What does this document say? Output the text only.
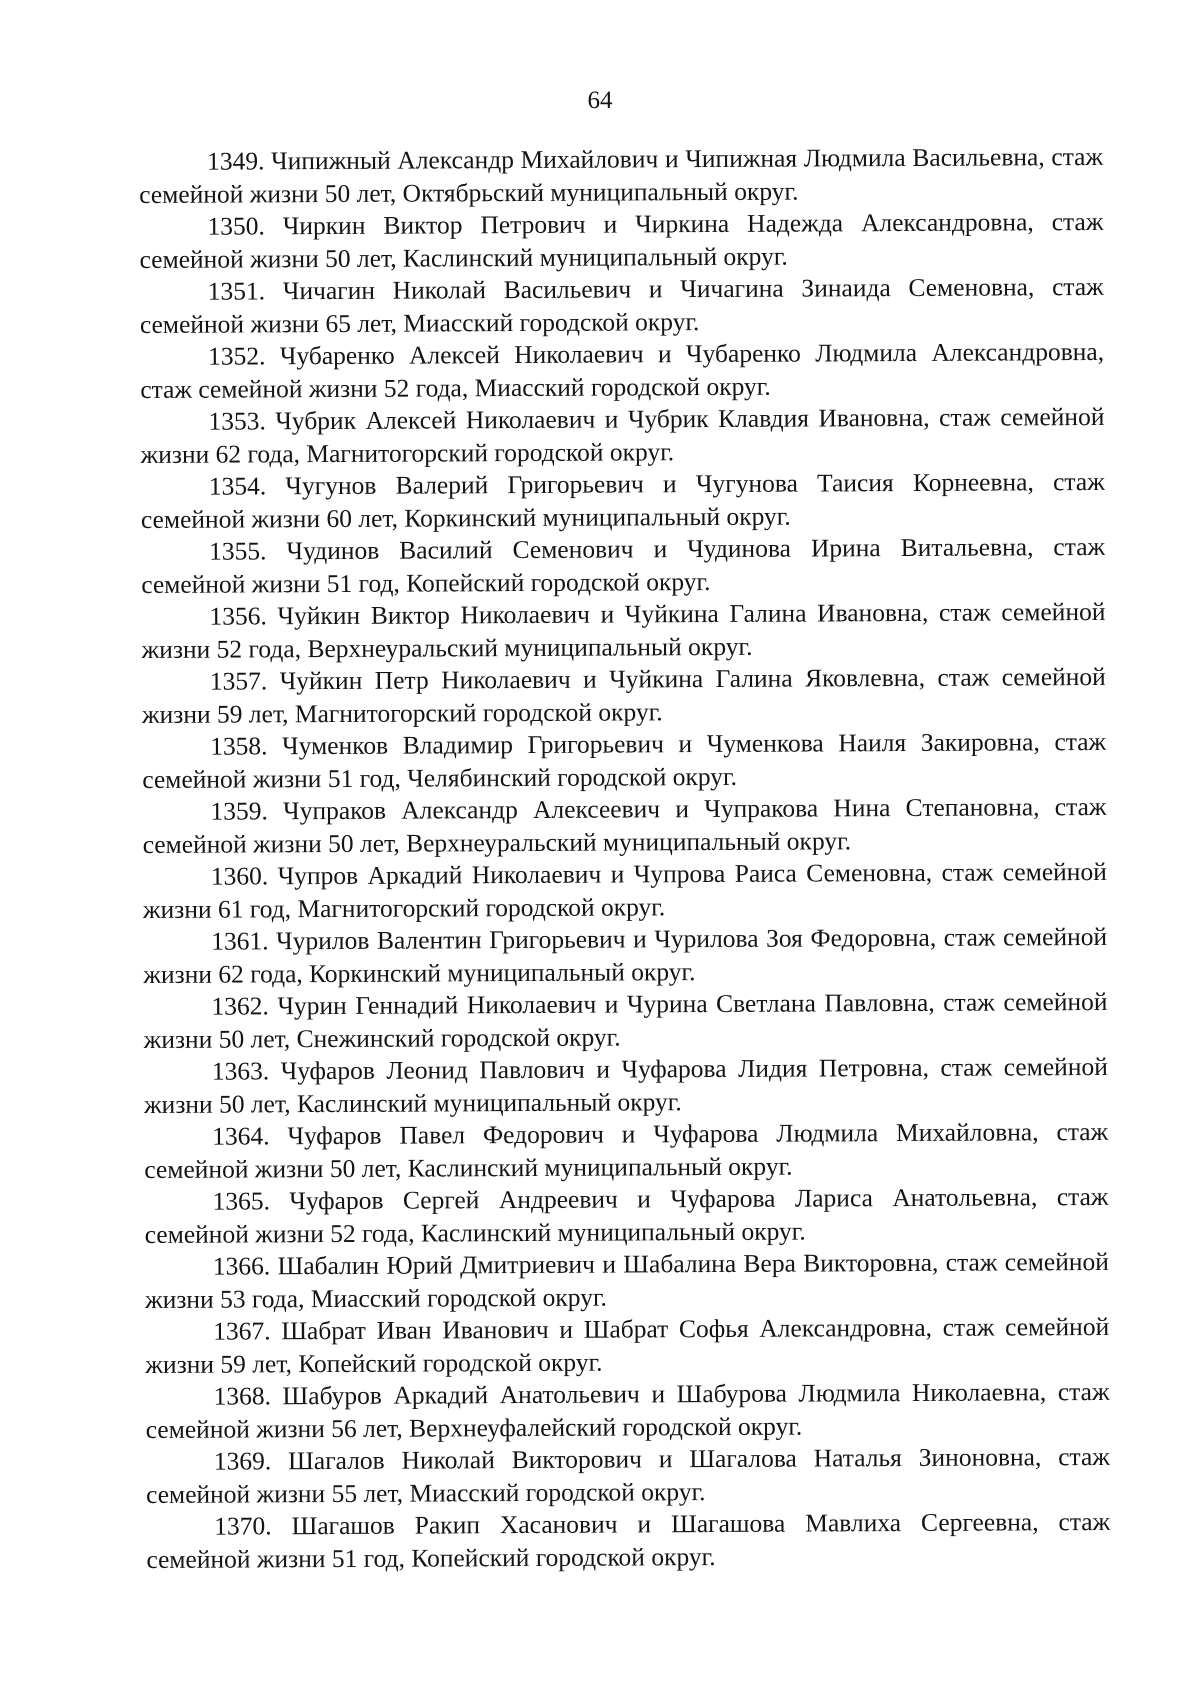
64
1349. Чипижный Александр Михайлович и Чипижная Людмила Васильевна, стаж семейной жизни 50 лет, Октябрьский муниципальный округ.
1350. Чиркин Виктор Петрович и Чиркина Надежда Александровна, стаж семейной жизни 50 лет, Каслинский муниципальный округ.
1351. Чичагин Николай Васильевич и Чичагина Зинаида Семеновна, стаж семейной жизни 65 лет, Миасский городской округ.
1352. Чубаренко Алексей Николаевич и Чубаренко Людмила Александровна, стаж семейной жизни 52 года, Миасский городской округ.
1353. Чубрик Алексей Николаевич и Чубрик Клавдия Ивановна, стаж семейной жизни 62 года, Магнитогорский городской округ.
1354. Чугунов Валерий Григорьевич и Чугунова Таисия Корнеевна, стаж семейной жизни 60 лет, Коркинский муниципальный округ.
1355. Чудинов Василий Семенович и Чудинова Ирина Витальевна, стаж семейной жизни 51 год, Копейский городской округ.
1356. Чуйкин Виктор Николаевич и Чуйкина Галина Ивановна, стаж семейной жизни 52 года, Верхнеуральский муниципальный округ.
1357. Чуйкин Петр Николаевич и Чуйкина Галина Яковлевна, стаж семейной жизни 59 лет, Магнитогорский городской округ.
1358. Чуменков Владимир Григорьевич и Чуменкова Наиля Закировна, стаж семейной жизни 51 год, Челябинский городской округ.
1359. Чупраков Александр Алексеевич и Чупракова Нина Степановна, стаж семейной жизни 50 лет, Верхнеуральский муниципальный округ.
1360. Чупров Аркадий Николаевич и Чупрова Раиса Семеновна, стаж семейной жизни 61 год, Магнитогорский городской округ.
1361. Чурилов Валентин Григорьевич и Чурилова Зоя Федоровна, стаж семейной жизни 62 года, Коркинский муниципальный округ.
1362. Чурин Геннадий Николаевич и Чурина Светлана Павловна, стаж семейной жизни 50 лет, Снежинский городской округ.
1363. Чуфаров Леонид Павлович и Чуфарова Лидия Петровна, стаж семейной жизни 50 лет, Каслинский муниципальный округ.
1364. Чуфаров Павел Федорович и Чуфарова Людмила Михайловна, стаж семейной жизни 50 лет, Каслинский муниципальный округ.
1365. Чуфаров Сергей Андреевич и Чуфарова Лариса Анатольевна, стаж семейной жизни 52 года, Каслинский муниципальный округ.
1366. Шабалин Юрий Дмитриевич и Шабалина Вера Викторовна, стаж семейной жизни 53 года, Миасский городской округ.
1367. Шабрат Иван Иванович и Шабрат Софья Александровна, стаж семейной жизни 59 лет, Копейский городской округ.
1368. Шабуров Аркадий Анатольевич и Шабурова Людмила Николаевна, стаж семейной жизни 56 лет, Верхнеуфалейский городской округ.
1369. Шагалов Николай Викторович и Шагалова Наталья Зиноновна, стаж семейной жизни 55 лет, Миасский городской округ.
1370. Шагашов Ракип Хасанович и Шагашова Мавлиха Сергеевна, стаж семейной жизни 51 год, Копейский городской округ.
